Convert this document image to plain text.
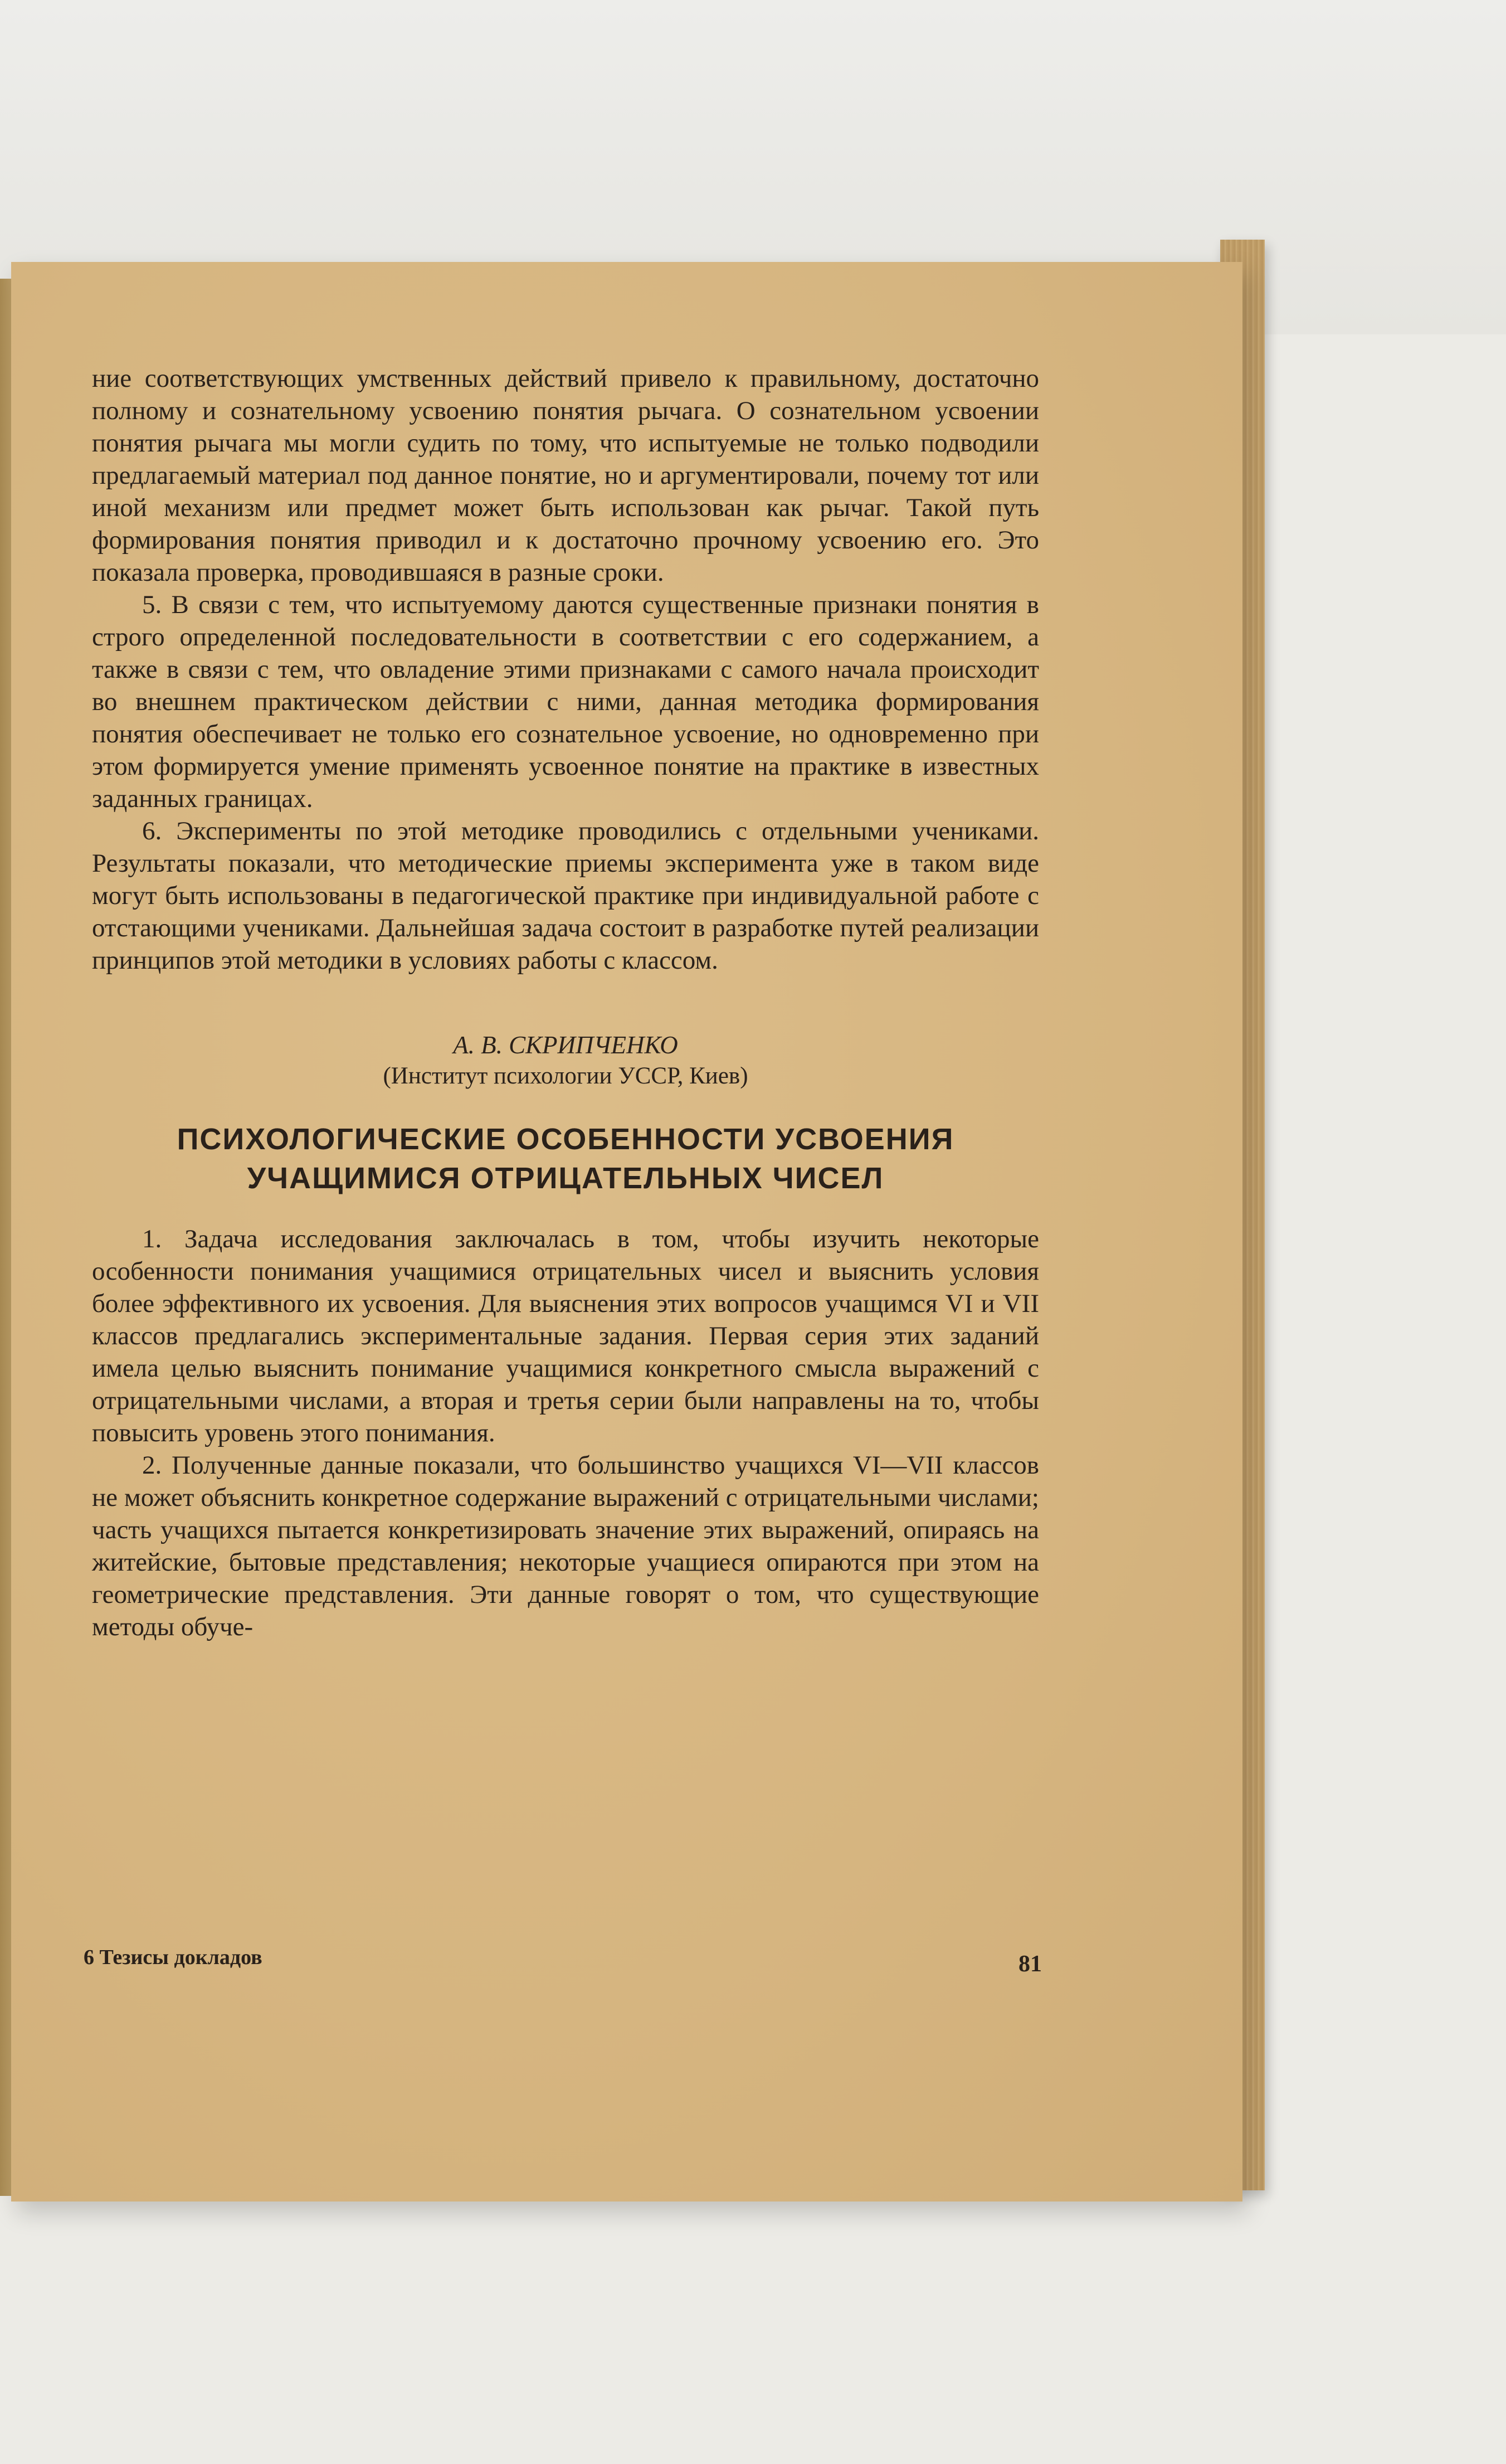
ние соответствующих умственных действий привело к правильному, достаточно полному и сознательному усвоению понятия рычага. О сознательном усвоении понятия рычага мы могли судить по тому, что испытуемые не только подводили предлагаемый материал под данное понятие, но и аргументировали, почему тот или иной механизм или предмет может быть использован как рычаг. Такой путь формирования понятия приводил и к достаточно прочному усвоению его. Это показала проверка, проводившаяся в разные сроки.

5. В связи с тем, что испытуемому даются существенные признаки понятия в строго определенной последовательности в соответствии с его содержанием, а также в связи с тем, что овладение этими признаками с самого начала происходит во внешнем практическом действии с ними, данная методика формирования понятия обеспечивает не только его сознательное усвоение, но одновременно при этом формируется умение применять усвоенное понятие на практике в известных заданных границах.

6. Эксперименты по этой методике проводились с отдельными учениками. Результаты показали, что методические приемы эксперимента уже в таком виде могут быть использованы в педагогической практике при индивидуальной работе с отстающими учениками. Дальнейшая задача состоит в разработке путей реализации принципов этой методики в условиях работы с классом.

А. В. СКРИПЧЕНКО

(Институт психологии УССР, Киев)

ПСИХОЛОГИЧЕСКИЕ ОСОБЕННОСТИ УСВОЕНИЯ
УЧАЩИМИСЯ ОТРИЦАТЕЛЬНЫХ ЧИСЕЛ

1. Задача исследования заключалась в том, чтобы изучить некоторые особенности понимания учащимися отрицательных чисел и выяснить условия более эффективного их усвоения. Для выяснения этих вопросов учащимся VI и VII классов предлагались экспериментальные задания. Первая серия этих заданий имела целью выяснить понимание учащимися конкретного смысла выражений с отрицательными числами, а вторая и третья серии были направлены на то, чтобы повысить уровень этого понимания.

2. Полученные данные показали, что большинство учащихся VI—VII классов не может объяснить конкретное содержание выражений с отрицательными числами; часть учащихся пытается конкретизировать значение этих выражений, опираясь на житейские, бытовые представления; некоторые учащиеся опираются при этом на геометрические представления. Эти данные говорят о том, что существующие методы обуче-

6 Тезисы докладов	81
